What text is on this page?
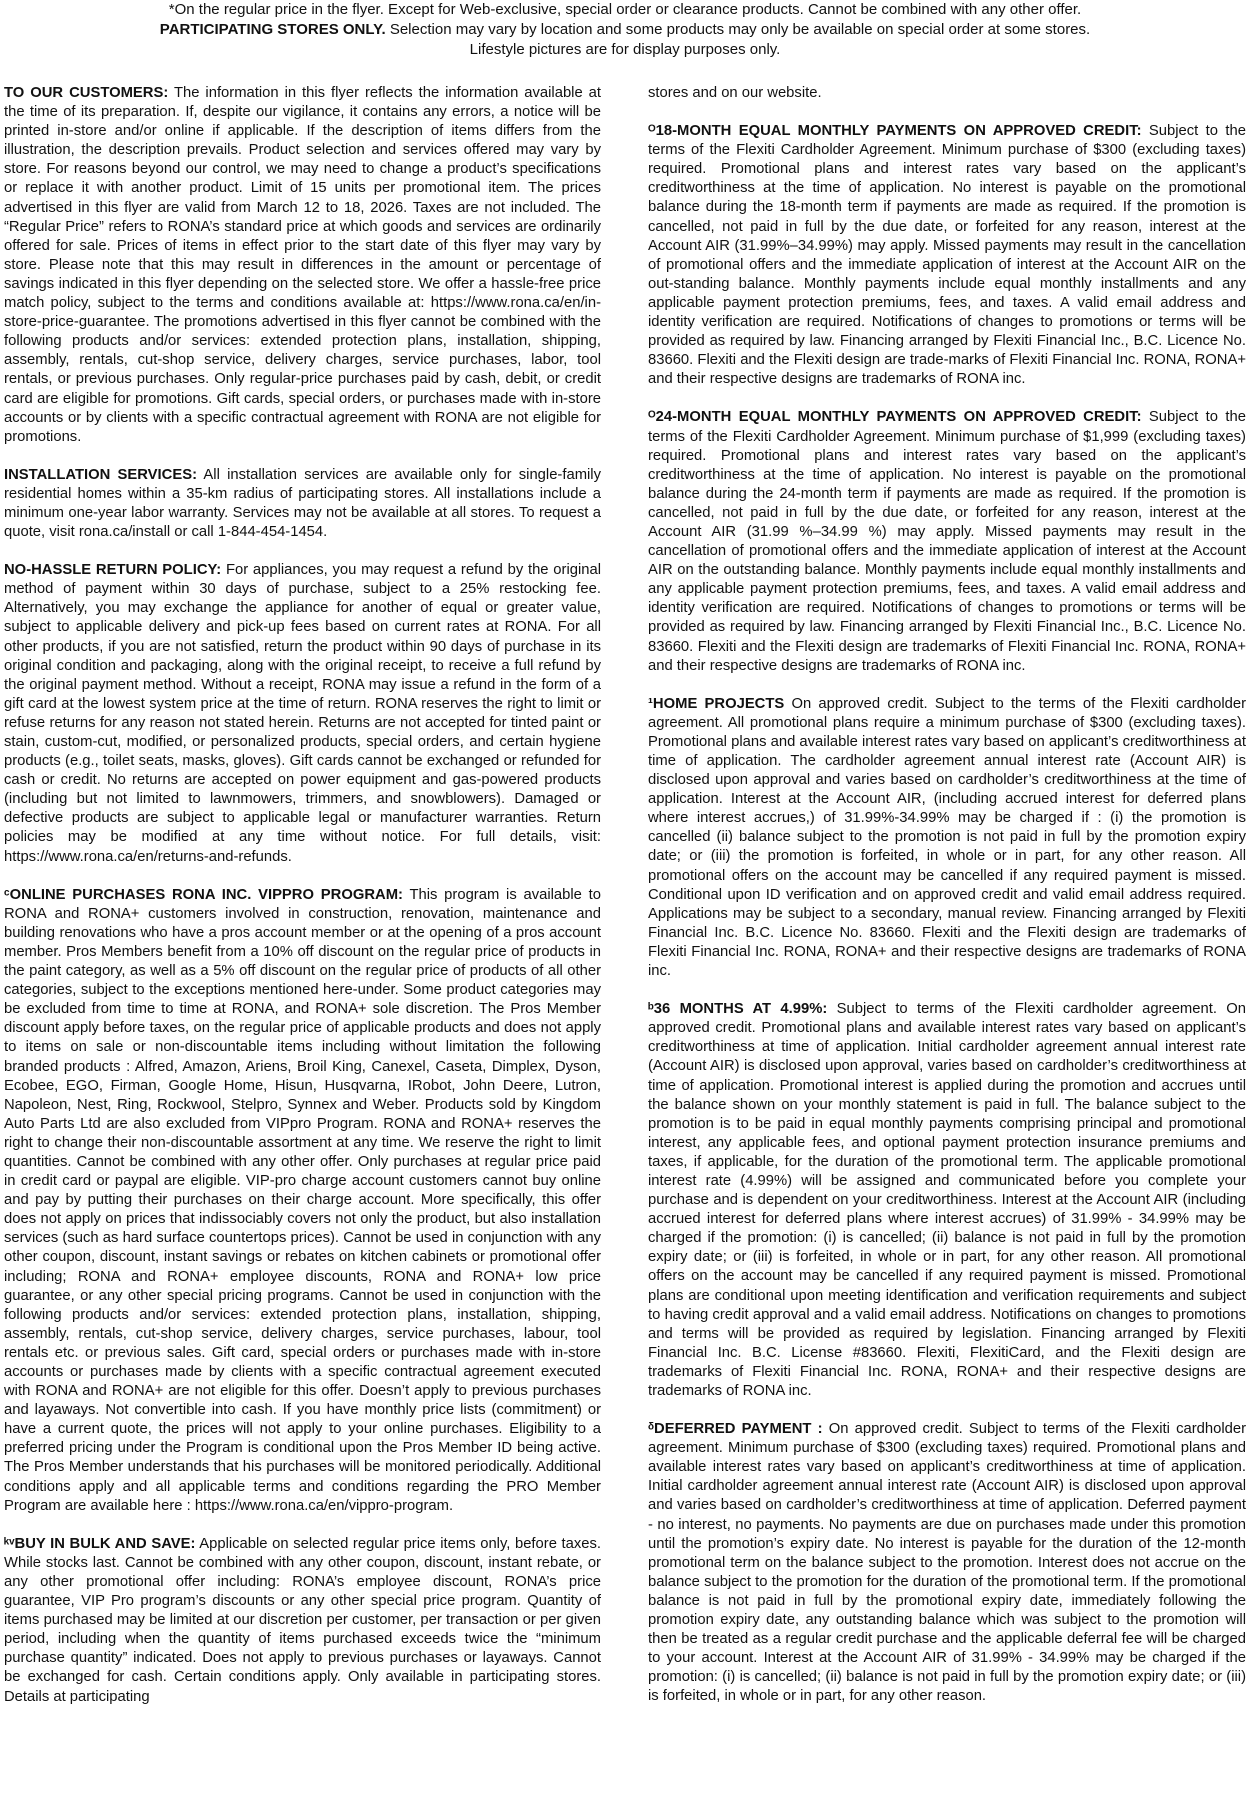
*On the regular price in the flyer. Except for Web-exclusive, special order or clearance products. Cannot be combined with any other offer.

PARTICIPATING STORES ONLY. Selection may vary by location and some products may only be available on special order at some stores.

Lifestyle pictures are for display purposes only.

TO OUR CUSTOMERS: The information in this flyer reflects the information available at the time of its preparation. If, despite our vigilance, it contains any errors, a notice will be printed in-store and/or online if applicable. If the description of items differs from the illustration, the description prevails. Product selection and services offered may vary by store. For reasons beyond our control, we may need to change a product’s specifications or replace it with another product. Limit of 15 units per promotional item. The prices advertised in this flyer are valid from March 12 to 18, 2026. Taxes are not included. The “Regular Price” refers to RONA’s standard price at which goods and services are ordinarily offered for sale. Prices of items in effect prior to the start date of this flyer may vary by store. Please note that this may result in differences in the amount or percentage of savings indicated in this flyer depending on the selected store. We offer a hassle-free price match policy, subject to the terms and conditions available at: https://www.rona.ca/en/in-store-price-guarantee. The promotions advertised in this flyer cannot be combined with the following products and/or services: extended protection plans, installation, shipping, assembly, rentals, cut-shop service, delivery charges, service purchases, labor, tool rentals, or previous purchases. Only regular-price purchases paid by cash, debit, or credit card are eligible for promotions. Gift cards, special orders, or purchases made with in-store accounts or by clients with a specific contractual agreement with RONA are not eligible for promotions.

INSTALLATION SERVICES: All installation services are available only for single-family residential homes within a 35-km radius of participating stores. All installations include a minimum one-year labor warranty. Services may not be available at all stores. To request a quote, visit rona.ca/install or call 1-844-454-1454.

NO-HASSLE RETURN POLICY: For appliances, you may request a refund by the original method of payment within 30 days of purchase, subject to a 25% restocking fee. Alternatively, you may exchange the appliance for another of equal or greater value, subject to applicable delivery and pick-up fees based on current rates at RONA. For all other products, if you are not satisfied, return the product within 90 days of purchase in its original condition and packaging, along with the original receipt, to receive a full refund by the original payment method. Without a receipt, RONA may issue a refund in the form of a gift card at the lowest system price at the time of return. RONA reserves the right to limit or refuse returns for any reason not stated herein. Returns are not accepted for tinted paint or stain, custom-cut, modified, or personalized products, special orders, and certain hygiene products (e.g., toilet seats, masks, gloves). Gift cards cannot be exchanged or refunded for cash or credit. No returns are accepted on power equipment and gas-powered products (including but not limited to lawnmowers, trimmers, and snowblowers). Damaged or defective products are subject to applicable legal or manufacturer warranties. Return policies may be modified at any time without notice. For full details, visit: https://www.rona.ca/en/returns-and-refunds.

ᶜONLINE PURCHASES RONA INC. VIPPRO PROGRAM: This program is available to RONA and RONA+ customers involved in construction, renovation, maintenance and building renovations who have a pros account member or at the opening of a pros account member. Pros Members benefit from a 10% off discount on the regular price of products in the paint category, as well as a 5% off discount on the regular price of products of all other categories, subject to the exceptions mentioned here-under. Some product categories may be excluded from time to time at RONA, and RONA+ sole discretion. The Pros Member discount apply before taxes, on the regular price of applicable products and does not apply to items on sale or non-discountable items including without limitation the following branded products : Alfred, Amazon, Ariens, Broil King, Canexel, Caseta, Dimplex, Dyson, Ecobee, EGO, Firman, Google Home, Hisun, Husqvarna, IRobot, John Deere, Lutron, Napoleon, Nest, Ring, Rockwool, Stelpro, Synnex and Weber. Products sold by Kingdom Auto Parts Ltd are also excluded from VIPpro Program. RONA and RONA+ reserves the right to change their non-discountable assortment at any time. We reserve the right to limit quantities. Cannot be combined with any other offer. Only purchases at regular price paid in credit card or paypal are eligible. VIP-pro charge account customers cannot buy online and pay by putting their purchases on their charge account. More specifically, this offer does not apply on prices that indissociably covers not only the product, but also installation services (such as hard surface countertops prices). Cannot be used in conjunction with any other coupon, discount, instant savings or rebates on kitchen cabinets or promotional offer including; RONA and RONA+ employee discounts, RONA and RONA+ low price guarantee, or any other special pricing programs. Cannot be used in conjunction with the following products and/or services: extended protection plans, installation, shipping, assembly, rentals, cut-shop service, delivery charges, service purchases, labour, tool rentals etc. or previous sales. Gift card, special orders or purchases made with in-store accounts or purchases made by clients with a specific contractual agreement executed with RONA and RONA+ are not eligible for this offer. Doesn’t apply to previous purchases and layaways. Not convertible into cash. If you have monthly price lists (commitment) or have a current quote, the prices will not apply to your online purchases. Eligibility to a preferred pricing under the Program is conditional upon the Pros Member ID being active. The Pros Member understands that his purchases will be monitored periodically. Additional conditions apply and all applicable terms and conditions regarding the PRO Member Program are available here : https://www.rona.ca/en/vippro-program.

ᵏᵛBUY IN BULK AND SAVE: Applicable on selected regular price items only, before taxes. While stocks last. Cannot be combined with any other coupon, discount, instant rebate, or any other promotional offer including: RONA’s employee discount, RONA’s price guarantee, VIP Pro program’s discounts or any other special price program. Quantity of items purchased may be limited at our discretion per customer, per transaction or per given period, including when the quantity of items purchased exceeds twice the “minimum purchase quantity” indicated. Does not apply to previous purchases or layaways. Cannot be exchanged for cash. Certain conditions apply. Only available in participating stores. Details at participating

stores and on our website.

ᴼ18-MONTH EQUAL MONTHLY PAYMENTS ON APPROVED CREDIT: Subject to the terms of the Flexiti Cardholder Agreement. Minimum purchase of $300 (excluding taxes) required. Promotional plans and interest rates vary based on the applicant’s creditworthiness at the time of application. No interest is payable on the promotional balance during the 18-month term if payments are made as required. If the promotion is cancelled, not paid in full by the due date, or forfeited for any reason, interest at the Account AIR (31.99%–34.99%) may apply. Missed payments may result in the cancellation of promotional offers and the immediate application of interest at the Account AIR on the out-standing balance. Monthly payments include equal monthly installments and any applicable payment protection premiums, fees, and taxes. A valid email address and identity verification are required. Notifications of changes to promotions or terms will be provided as required by law. Financing arranged by Flexiti Financial Inc., B.C. Licence No. 83660. Flexiti and the Flexiti design are trade-marks of Flexiti Financial Inc. RONA, RONA+ and their respective designs are trademarks of RONA inc.

ᴼ24-MONTH EQUAL MONTHLY PAYMENTS ON APPROVED CREDIT: Subject to the terms of the Flexiti Cardholder Agreement. Minimum purchase of $1,999 (excluding taxes) required. Promotional plans and interest rates vary based on the applicant’s creditworthiness at the time of application. No interest is payable on the promotional balance during the 24-month term if payments are made as required. If the promotion is cancelled, not paid in full by the due date, or forfeited for any reason, interest at the Account AIR (31.99 %–34.99 %) may apply. Missed payments may result in the cancellation of promotional offers and the immediate application of interest at the Account AIR on the outstanding balance. Monthly payments include equal monthly installments and any applicable payment protection premiums, fees, and taxes. A valid email address and identity verification are required. Notifications of changes to promotions or terms will be provided as required by law. Financing arranged by Flexiti Financial Inc., B.C. Licence No. 83660. Flexiti and the Flexiti design are trademarks of Flexiti Financial Inc. RONA, RONA+ and their respective designs are trademarks of RONA inc.

¹HOME PROJECTS On approved credit. Subject to the terms of the Flexiti cardholder agreement. All promotional plans require a minimum purchase of $300 (excluding taxes). Promotional plans and available interest rates vary based on applicant’s creditworthiness at time of application. The cardholder agreement annual interest rate (Account AIR) is disclosed upon approval and varies based on cardholder’s creditworthiness at the time of application. Interest at the Account AIR, (including accrued interest for deferred plans where interest accrues,) of 31.99%-34.99% may be charged if : (i) the promotion is cancelled (ii) balance subject to the promotion is not paid in full by the promotion expiry date; or (iii) the promotion is forfeited, in whole or in part, for any other reason. All promotional offers on the account may be cancelled if any required payment is missed. Conditional upon ID verification and on approved credit and valid email address required. Applications may be subject to a secondary, manual review. Financing arranged by Flexiti Financial Inc. B.C. Licence No. 83660. Flexiti and the Flexiti design are trademarks of Flexiti Financial Inc. RONA, RONA+ and their respective designs are trademarks of RONA inc.

ᵇ36 MONTHS AT 4.99%: Subject to terms of the Flexiti cardholder agreement. On approved credit. Promotional plans and available interest rates vary based on applicant’s creditworthiness at time of application. Initial cardholder agreement annual interest rate (Account AIR) is disclosed upon approval, varies based on cardholder’s creditworthiness at time of application. Promotional interest is applied during the promotion and accrues until the balance shown on your monthly statement is paid in full. The balance subject to the promotion is to be paid in equal monthly payments comprising principal and promotional interest, any applicable fees, and optional payment protection insurance premiums and taxes, if applicable, for the duration of the promotional term. The applicable promotional interest rate (4.99%) will be assigned and communicated before you complete your purchase and is dependent on your creditworthiness. Interest at the Account AIR (including accrued interest for deferred plans where interest accrues) of 31.99% - 34.99% may be charged if the promotion: (i) is cancelled; (ii) balance is not paid in full by the promotion expiry date; or (iii) is forfeited, in whole or in part, for any other reason. All promotional offers on the account may be cancelled if any required payment is missed. Promotional plans are conditional upon meeting identification and verification requirements and subject to having credit approval and a valid email address. Notifications on changes to promotions and terms will be provided as required by legislation. Financing arranged by Flexiti Financial Inc. B.C. License #83660. Flexiti, FlexitiCard, and the Flexiti design are trademarks of Flexiti Financial Inc. RONA, RONA+ and their respective designs are trademarks of RONA inc.

ᵟDEFERRED PAYMENT : On approved credit. Subject to terms of the Flexiti cardholder agreement. Minimum purchase of $300 (excluding taxes) required. Promotional plans and available interest rates vary based on applicant’s creditworthiness at time of application. Initial cardholder agreement annual interest rate (Account AIR) is disclosed upon approval and varies based on cardholder’s creditworthiness at time of application. Deferred payment - no interest, no payments. No payments are due on purchases made under this promotion until the promotion’s expiry date. No interest is payable for the duration of the 12-month promotional term on the balance subject to the promotion. Interest does not accrue on the balance subject to the promotion for the duration of the promotional term. If the promotional balance is not paid in full by the promotional expiry date, immediately following the promotion expiry date, any outstanding balance which was subject to the promotion will then be treated as a regular credit purchase and the applicable deferral fee will be charged to your account. Interest at the Account AIR of 31.99% - 34.99% may be charged if the promotion: (i) is cancelled; (ii) balance is not paid in full by the promotion expiry date; or (iii) is forfeited, in whole or in part, for any other reason.
